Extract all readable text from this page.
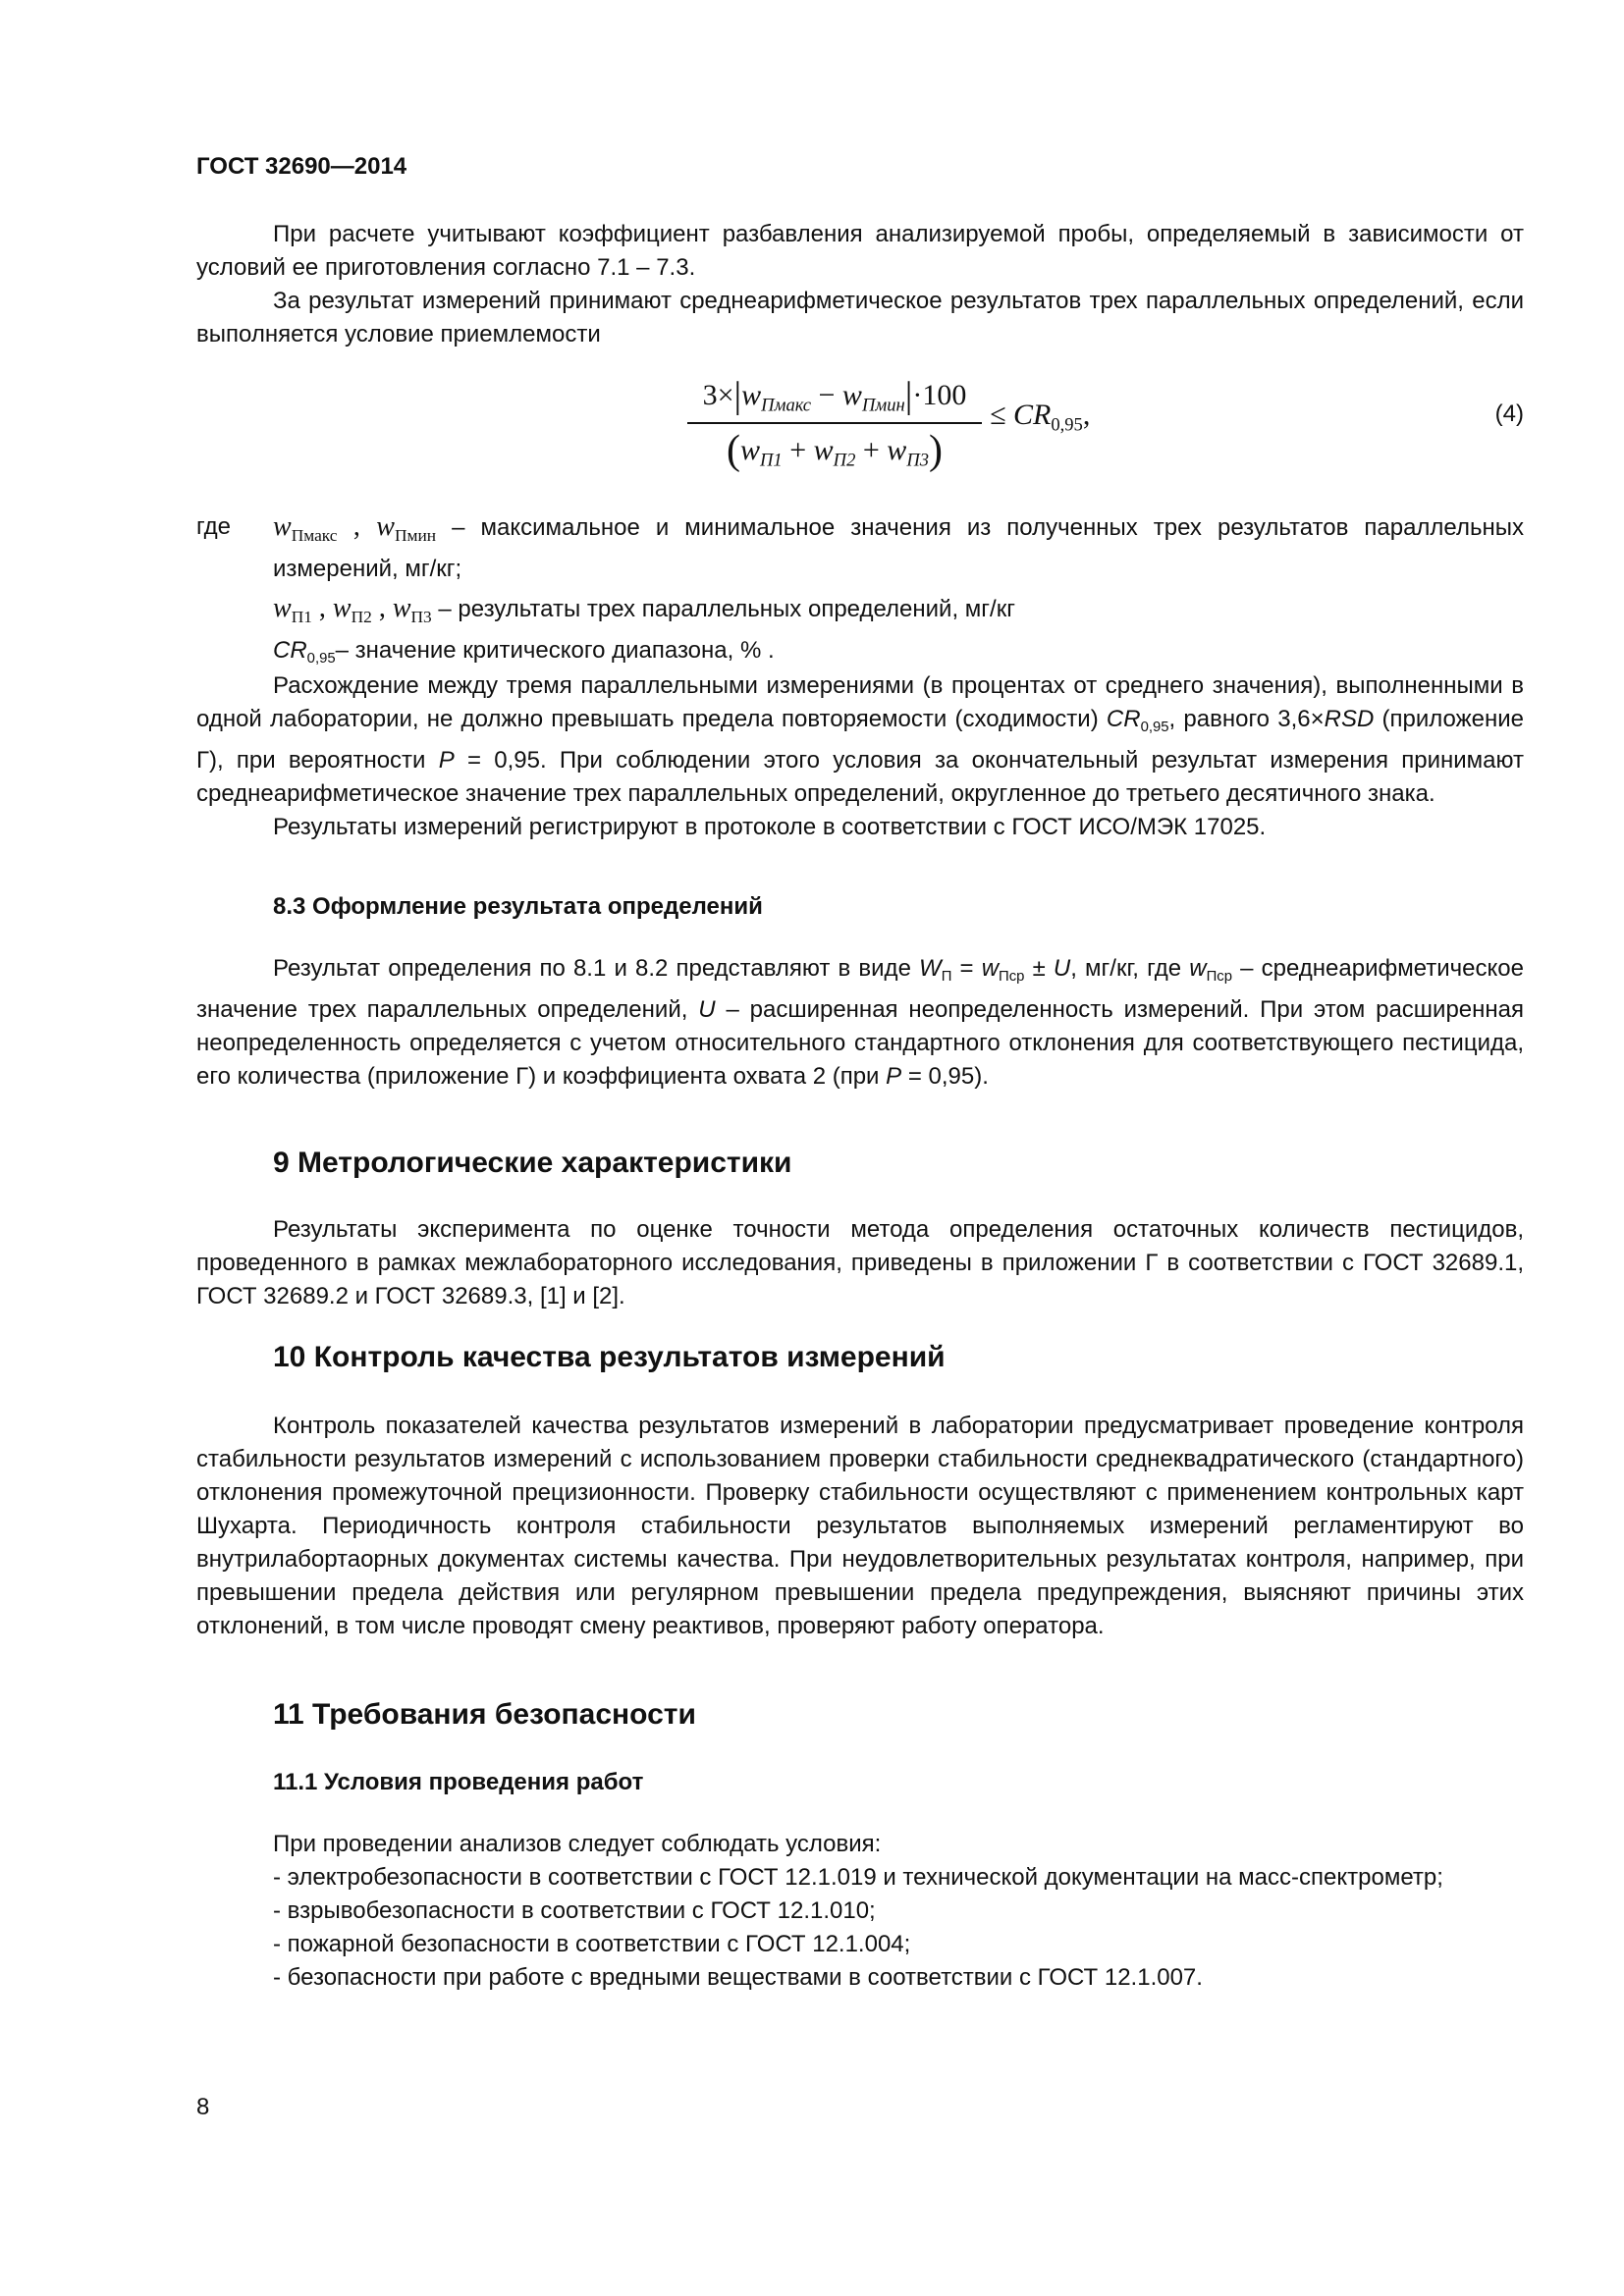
ГОСТ 32690—2014

При расчете учитывают коэффициент разбавления анализируемой пробы, определяемый в зависимости от условий ее приготовления согласно 7.1 – 7.3.

За результат измерений принимают среднеарифметическое результатов трех параллельных определений, если выполняется условие приемлемости

$3\times|w_{Пмакс} - w_{Пмин}|\cdot 100$
$(w_{П1} + w_{П2} + w_{П3})$
≤ $CR_{0,95}$,	(4)
где $w_{Пмакс}$ , $w_{Пмин}$ – максимальное и минимальное значения из полученных трех результатов параллельных измерений, мг/кг;

$w_{П1}$ , $w_{П2}$ , $w_{П3}$ – результаты трех параллельных определений, мг/кг

$CR_{0,95}-$ значение критического диапазона, % .

Расхождение между тремя параллельными измерениями (в процентах от среднего значения), выполненными в одной лаборатории, не должно превышать предела повторяемости (сходимости) $CR_{0,95}$, равного 3,6×RSD (приложение Г), при вероятности P = 0,95. При соблюдении этого условия за окончательный результат измерения принимают среднеарифметическое значение трех параллельных определений, округленное до третьего десятичного знака.

Результаты измерений регистрируют в протоколе в соответствии с ГОСТ ИСО/МЭК 17025.

8.3 Оформление результата определений

Результат определения по 8.1 и 8.2 представляют в виде $W_П = w_{Пср} \pm U$, мг/кг, где $w_{Пср}$ – среднеарифметическое значение трех параллельных определений, U – расширенная неопределенность измерений. При этом расширенная неопределенность определяется с учетом относительного стандартного отклонения для соответствующего пестицида, его количества (приложение Г) и коэффициента охвата 2 (при P = 0,95).

9 Метрологические характеристики

Результаты эксперимента по оценке точности метода определения остаточных количеств пестицидов, проведенного в рамках межлабораторного исследования, приведены в приложении Г в соответствии с ГОСТ 32689.1, ГОСТ 32689.2 и ГОСТ 32689.3, [1] и [2].

10 Контроль качества результатов измерений

Контроль показателей качества результатов измерений в лаборатории предусматривает проведение контроля стабильности результатов измерений с использованием проверки стабильности среднеквадратического (стандартного) отклонения промежуточной прецизионности. Проверку стабильности осуществляют с применением контрольных карт Шухарта. Периодичность контроля стабильности результатов выполняемых измерений регламентируют во внутрилабортаорных документах системы качества. При неудовлетворительных результатах контроля, например, при превышении предела действия или регулярном превышении предела предупреждения, выясняют причины этих отклонений, в том числе проводят смену реактивов, проверяют работу оператора.

11 Требования безопасности

11.1 Условия проведения работ

При проведении анализов следует соблюдать условия:

- электробезопасности в соответствии с ГОСТ 12.1.019 и технической документации на масс-спектрометр;

- взрывобезопасности в соответствии с ГОСТ 12.1.010;

- пожарной безопасности в соответствии с ГОСТ 12.1.004;

- безопасности при работе с вредными веществами в соответствии с ГОСТ 12.1.007.

8
